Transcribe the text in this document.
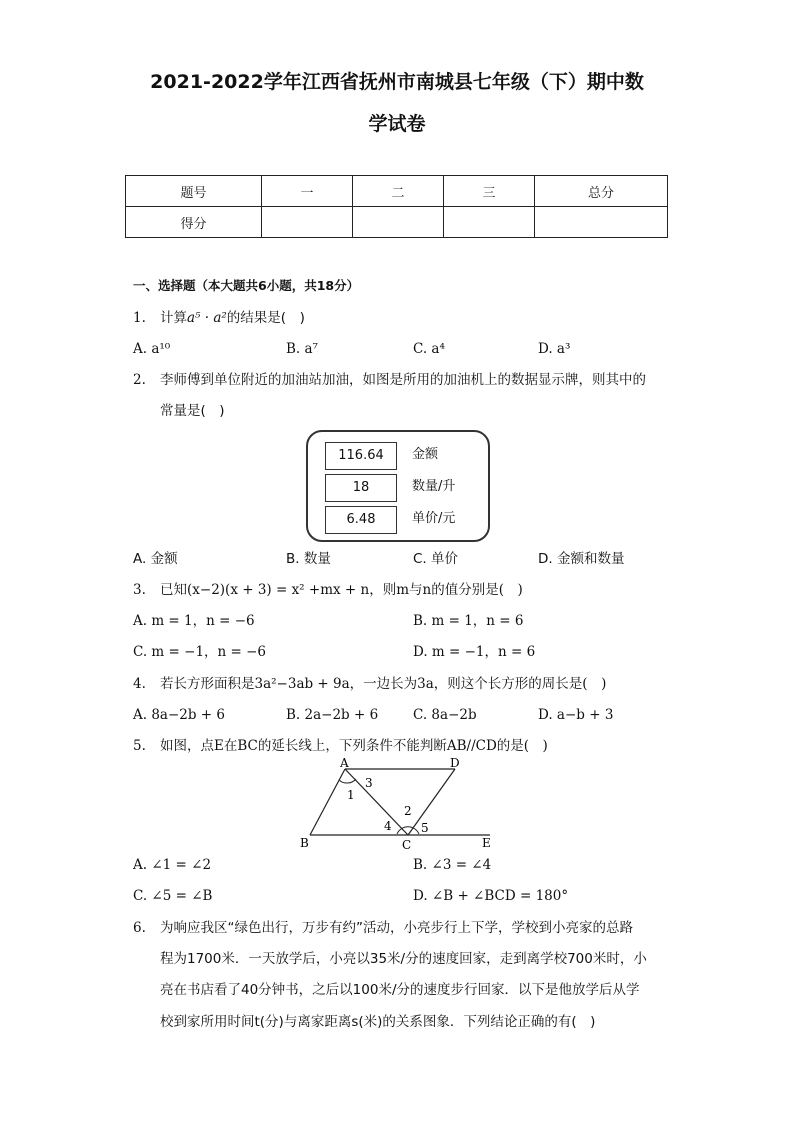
2021-2022学年江西省抚州市南城县七年级（下）期中数
学试卷
题号	一	二	三	总分
得分				
一、选择题（本大题共6小题，共18分）
1. 计算a⁵ · a²的结果是(　)
A. a¹⁰	B. a⁷	C. a⁴	D. a³
2. 李师傅到单位附近的加油站加油，如图是所用的加油机上的数据显示牌，则其中的
常量是(　)
116.64	金额
18	数量/升
6.48	单价/元
A. 金额	B. 数量	C. 单价	D. 金额和数量
3. 已知(x−2)(x + 3) = x² +mx + n，则m与n的值分别是(　)
A. m = 1，n = −6	B. m = 1，n = 6
C. m = −1，n = −6	D. m = −1，n = 6
4. 若长方形面积是3a²−3ab + 9a，一边长为3a，则这个长方形的周长是(　)
A. 8a−2b + 6	B. 2a−2b + 6	C. 8a−2b	D. a−b + 3
5. 如图，点E在BC的延长线上，下列条件不能判断AB//CD的是(　)
A	D
B	C	E
1
3
2
4 5
A. ∠1 = ∠2	B. ∠3 = ∠4
C. ∠5 = ∠B	D. ∠B + ∠BCD = 180°
6. 为响应我区“绿色出行，万步有约”活动，小亮步行上下学，学校到小亮家的总路
程为1700米．一天放学后，小亮以35米/分的速度回家，走到离学校700米时，小
亮在书店看了40分钟书，之后以100米/分的速度步行回家．以下是他放学后从学
校到家所用时间t(分)与离家距离s(米)的关系图象．下列结论正确的有(　)
